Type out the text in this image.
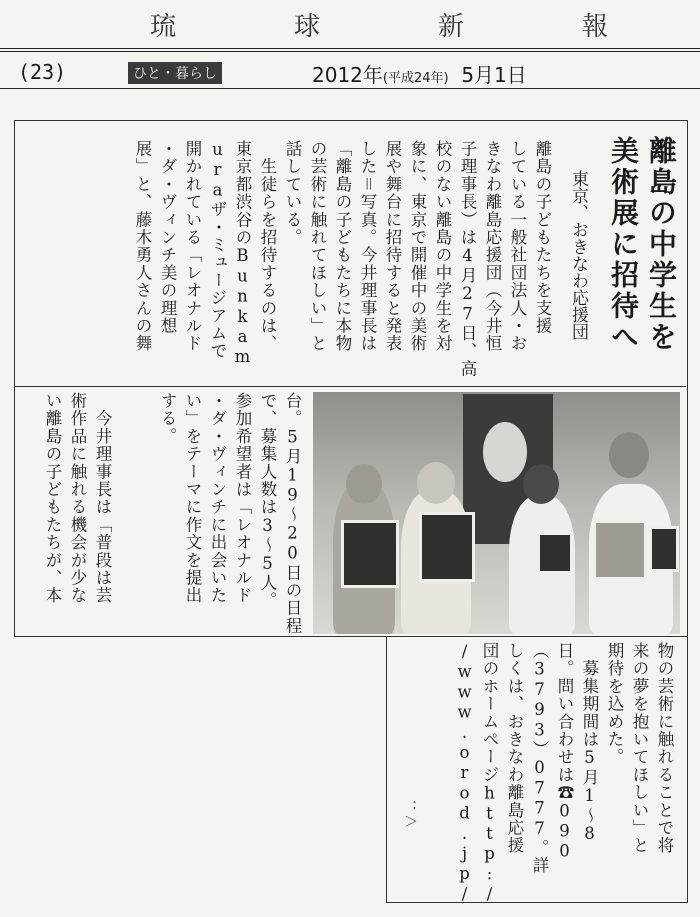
琉	球	新	報
(23)	ひと・暮らし	2012年(平成24年) 5月1日
離島の中学生を
美術展に招待へ
東京、おきなわ応援団
離島の子どもたちを支援
している一般社団法人・お
きなわ離島応援団（今井恒
子理事長）は4月27日、高
校のない離島の中学生を対
象に、東京で開催中の美術
展や舞台に招待すると発表
した＝写真。今井理事長は
「離島の子どもたちに本物
の芸術に触れてほしい」と
話している。
　生徒らを招待するのは、
東京都渋谷のBunkam
uraザ・ミュージアムで
開かれている「レオナルド
・ダ・ヴィンチ美の理想
展」と、藤木勇人さんの舞
台。5月19〜20日の日程
で、募集人数は3〜5人。
参加希望者は「レオナルド
・ダ・ヴィンチに出会いた
い」をテーマに作文を提出
する。
　今井理事長は「普段は芸
術作品に触れる機会が少な
い離島の子どもたちが、本
物の芸術に触れることで将
来の夢を抱いてほしい」と
期待を込めた。
　募集期間は5月1〜8
日。問い合わせは☎090
（3793）0777。詳
しくは、おきなわ離島応援
団のホームページhttp:/
/www.orod.jp/
：＞
